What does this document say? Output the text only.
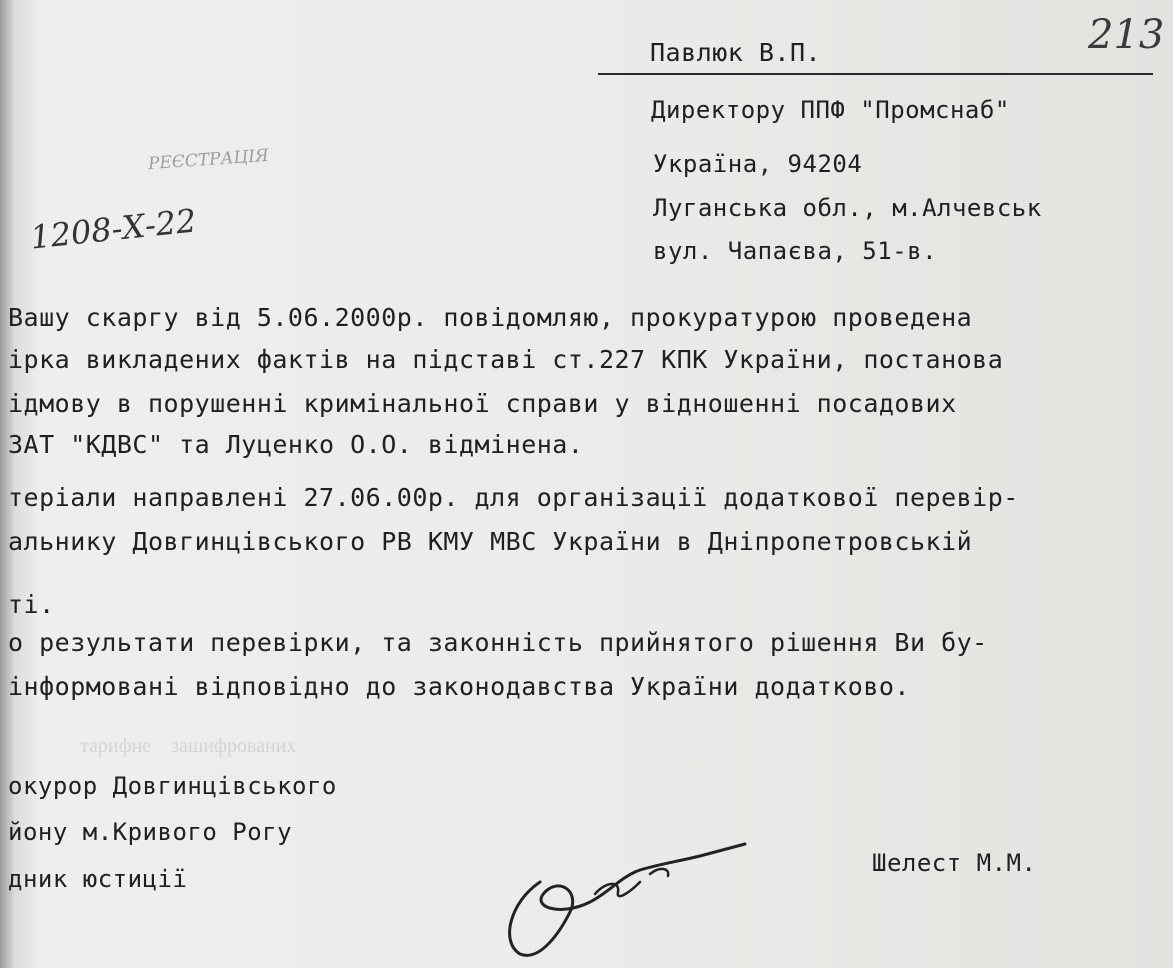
тарифне    зашифрованих

213
РЕЄСТРАЦІЯ
1208-Х-22
Павлюк В.П.
Директору ППФ "Промснаб"
Україна, 94204
Луганська обл., м.Алчевськ
вул. Чапаєва, 51-в.
Вашу скаргу від 5.06.2000р. повідомляю, прокуратурою проведена
ірка викладених фактів на підставі ст.227 КПК України, постанова
ідмову в порушенні кримінальної справи у відношенні посадових
ЗАТ "КДВС" та Луценко О.О. відмінена.
теріали направлені 27.06.00р. для організації додаткової перевір-
альнику Довгинцівського РВ КМУ МВС України в Дніпропетровській
ті.
о результати перевірки, та законність прийнятого рішення Ви бу-
інформовані відповідно до законодавства України додатково.
окурор Довгинцівського
йону м.Кривого Рогу
дник юстиції
Шелест М.М.
